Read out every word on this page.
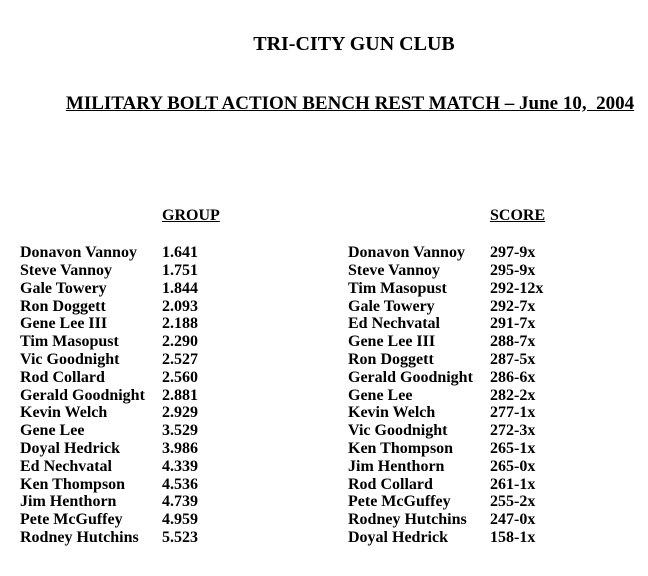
TRI-CITY GUN CLUB
MILITARY BOLT ACTION BENCH REST MATCH – June 10,  2004
GROUP
Donavon Vannoy	1.641
Steve Vannoy	1.751
Gale Towery	1.844
Ron Doggett	2.093
Gene Lee III	2.188
Tim Masopust	2.290
Vic Goodnight	2.527
Rod Collard	2.560
Gerald Goodnight	2.881
Kevin Welch	2.929
Gene Lee	3.529
Doyal Hedrick	3.986
Ed Nechvatal	4.339
Ken Thompson	4.536
Jim Henthorn	4.739
Pete McGuffey	4.959
Rodney Hutchins	5.523
SCORE
Donavon Vannoy	297-9x
Steve Vannoy	295-9x
Tim Masopust	292-12x
Gale Towery	292-7x
Ed Nechvatal	291-7x
Gene Lee III	288-7x
Ron Doggett	287-5x
Gerald Goodnight	286-6x
Gene Lee	282-2x
Kevin Welch	277-1x
Vic Goodnight	272-3x
Ken Thompson	265-1x
Jim Henthorn	265-0x
Rod Collard	261-1x
Pete McGuffey	255-2x
Rodney Hutchins	247-0x
Doyal Hedrick	158-1x
